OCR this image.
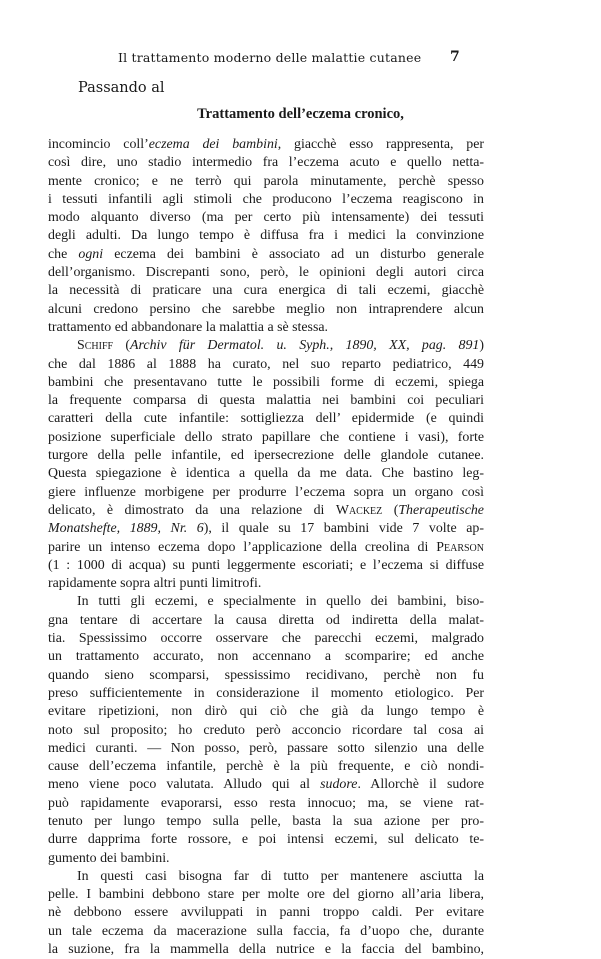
Il trattamento moderno delle malattie cutanee 7
Passando al
Trattamento dell’eczema cronico,

incomincio coll’eczema dei bambini, giacchè esso rappresenta, per
così dire, uno stadio intermedio fra l’eczema acuto e quello netta-
mente cronico; e ne terrò qui parola minutamente, perchè spesso
i tessuti infantili agli stimoli che producono l’eczema reagiscono in
modo alquanto diverso (ma per certo più intensamente) dei tessuti
degli adulti. Da lungo tempo è diffusa fra i medici la convinzione
che ogni eczema dei bambini è associato ad un disturbo generale
dell’organismo. Discrepanti sono, però, le opinioni degli autori circa
la necessità di praticare una cura energica di tali eczemi, giacchè
alcuni credono persino che sarebbe meglio non intraprendere alcun
trattamento ed abbandonare la malattia a sè stessa.

Schiff (Archiv für Dermatol. u. Syph., 1890, XX, pag. 891)
che dal 1886 al 1888 ha curato, nel suo reparto pediatrico, 449
bambini che presentavano tutte le possibili forme di eczemi, spiega
la frequente comparsa di questa malattia nei bambini coi peculiari
caratteri della cute infantile: sottigliezza dell’ epidermide (e quindi
posizione superficiale dello strato papillare che contiene i vasi), forte
turgore della pelle infantile, ed ipersecrezione delle glandole cutanee.
Questa spiegazione è identica a quella da me data. Che bastino leg-
giere influenze morbigene per produrre l’eczema sopra un organo così
delicato, è dimostrato da una relazione di Wackez (Therapeutische
Monatshefte, 1889, Nr. 6), il quale su 17 bambini vide 7 volte ap-
parire un intenso eczema dopo l’applicazione della creolina di Pearson
(1 : 1000 di acqua) su punti leggermente escoriati; e l’eczema si diffuse
rapidamente sopra altri punti limitrofi.

In tutti gli eczemi, e specialmente in quello dei bambini, biso-
gna tentare di accertare la causa diretta od indiretta della malat-
tia. Spessissimo occorre osservare che parecchi eczemi, malgrado
un trattamento accurato, non accennano a scomparire; ed anche
quando sieno scomparsi, spessissimo recidivano, perchè non fu
preso sufficientemente in considerazione il momento etiologico. Per
evitare ripetizioni, non dirò qui ciò che già da lungo tempo è
noto sul proposito; ho creduto però acconcio ricordare tal cosa ai
medici curanti. — Non posso, però, passare sotto silenzio una delle
cause dell’eczema infantile, perchè è la più frequente, e ciò nondi-
meno viene poco valutata. Alludo qui al sudore. Allorchè il sudore
può rapidamente evaporarsi, esso resta innocuo; ma, se viene rat-
tenuto per lungo tempo sulla pelle, basta la sua azione per pro-
durre dapprima forte rossore, e poi intensi eczemi, sul delicato te-
gumento dei bambini.

In questi casi bisogna far di tutto per mantenere asciutta la
pelle. I bambini debbono stare per molte ore del giorno all’aria libera,
nè debbono essere avviluppati in panni troppo caldi. Per evitare
un tale eczema da macerazione sulla faccia, fa d’uopo che, durante
la suzione, fra la mammella della nutrice e la faccia del bambino,
